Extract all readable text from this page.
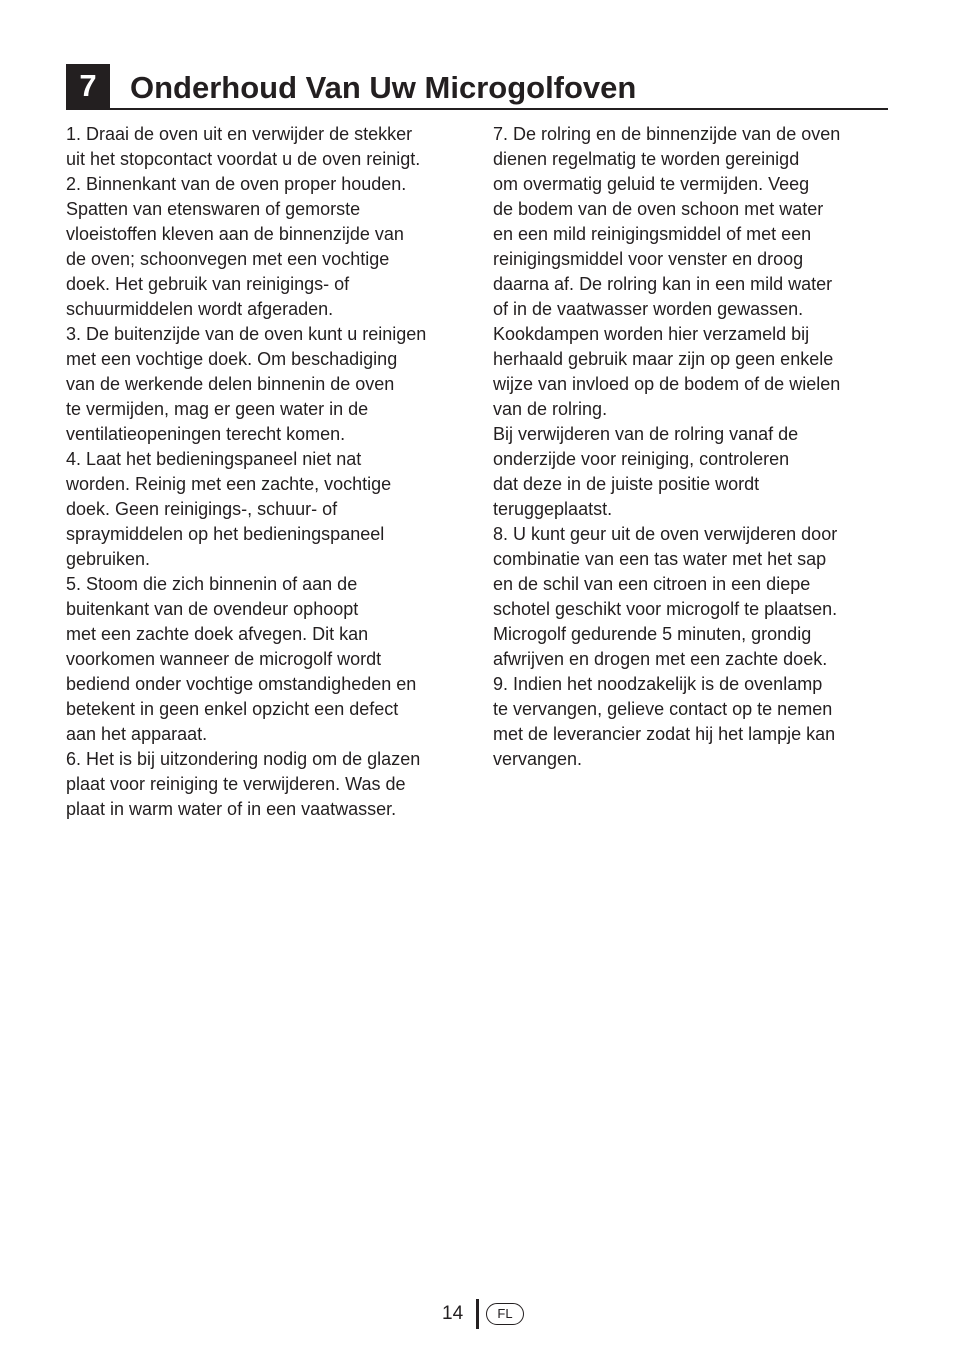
7	Onderhoud Van Uw Microgolfoven
1. Draai de oven uit en verwijder de stekker
uit het stopcontact voordat u de oven reinigt.
2. Binnenkant van de oven proper houden.
Spatten van etenswaren of gemorste
vloeistoffen kleven aan de binnenzijde van
de oven; schoonvegen met een vochtige
doek. Het gebruik van reinigings- of
schuurmiddelen wordt afgeraden.
3. De buitenzijde van de oven kunt u reinigen
met een vochtige doek. Om beschadiging
van de werkende delen binnenin de oven
te vermijden, mag er geen water in de
ventilatieopeningen terecht komen.
4. Laat het bedieningspaneel niet nat
worden. Reinig met een zachte, vochtige
doek. Geen reinigings-, schuur- of
spraymiddelen op het bedieningspaneel
gebruiken.
5. Stoom die zich binnenin of aan de
buitenkant van de ovendeur ophoopt
met een zachte doek afvegen. Dit kan
voorkomen wanneer de microgolf wordt
bediend onder vochtige omstandigheden en
betekent in geen enkel opzicht een defect
aan het apparaat.
6. Het is bij uitzondering nodig om de glazen
plaat voor reiniging te verwijderen. Was de
plaat in warm water of in een vaatwasser.
7. De rolring en de binnenzijde van de oven
dienen regelmatig te worden gereinigd
om overmatig geluid te vermijden. Veeg
de bodem van de oven schoon met water
en een mild reinigingsmiddel of met een
reinigingsmiddel voor venster en droog
daarna af. De rolring kan in een mild water
of in de vaatwasser worden gewassen.
Kookdampen worden hier verzameld bij
herhaald gebruik maar zijn op geen enkele
wijze van invloed op de bodem of de wielen
van de rolring.
Bij verwijderen van de rolring vanaf de
onderzijde voor reiniging, controleren
dat deze in de juiste positie wordt
teruggeplaatst.
8. U kunt geur uit de oven verwijderen door
combinatie van een tas water met het sap
en de schil van een citroen in een diepe
schotel geschikt voor microgolf te plaatsen.
Microgolf gedurende 5 minuten, grondig
afwrijven en drogen met een zachte doek.
9. Indien het noodzakelijk is de ovenlamp
te vervangen, gelieve contact op te nemen
met de leverancier zodat hij het lampje kan
vervangen.
14	FL
